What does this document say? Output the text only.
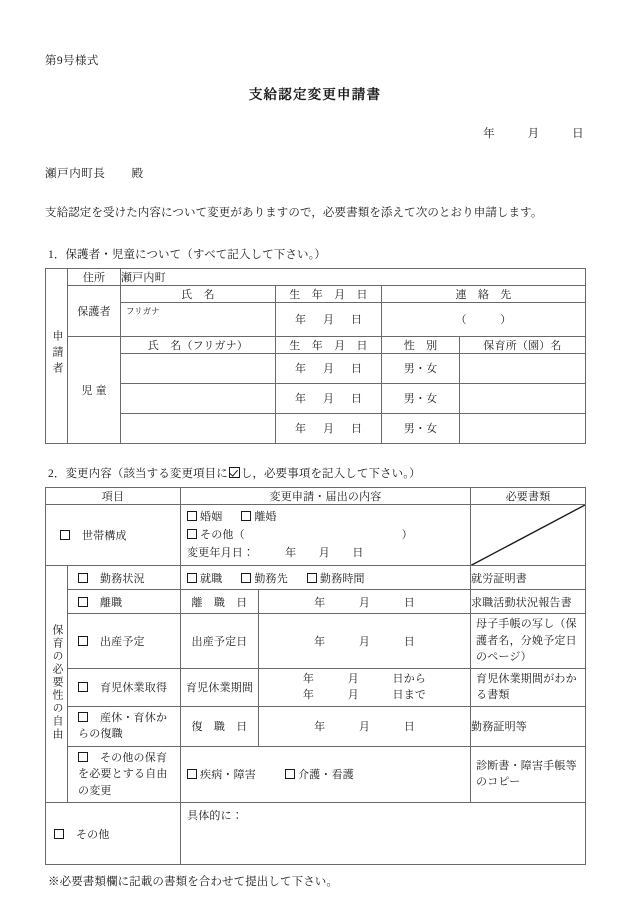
第9号様式
支給認定変更申請書
年	月	日
瀬戸内町長 殿
支給認定を受けた内容について変更がありますので，必要書類を添えて次のとおり申請します。
1．保護者・児童について（すべて記入して下さい。）
申請者	住所	瀬戸内町			
	保護者	氏　名	生　年　月　日	連　絡　先	
		フリガナ	年　月　日	（　　　）	
	児童	氏　名（フリガナ）	生　年　月　日	性　別	保育所（園）名
			年　月　日	男・女	
			年　月　日	男・女	
			年　月　日	男・女	
2．変更内容（該当する変更項目に し，必要事項を記入して下さい。）
項目		変更申請・届出の内容		必要書類
世帯構成		婚姻 離婚 その他（　　　　　　　　　　　　　　）
変更年月日： 年　　月　　日

保育の必要性の自由	勤務状況	就職 勤務先 勤務時間		就労証明書
	離職	離　職　日	年　　　月　　　日	求職活動状況報告書
	出産予定	出産予定日	年　　　月　　　日	母子手帳の写し（保護者名，分娩予定日のページ）
	育児休業取得	育児休業期間	年　　　月　　　日から
年　　　月　　　日まで	育児休業期間がわかる書類
	産休・育休からの復職	復　職　日	年　　　月　　　日	勤務証明等
	その他の保育を必要とする自由の変更	疾病・障害 介護・看護		診断書・障害手帳等のコピー
その他		具体的に：		
※必要書類欄に記載の書類を合わせて提出して下さい。
